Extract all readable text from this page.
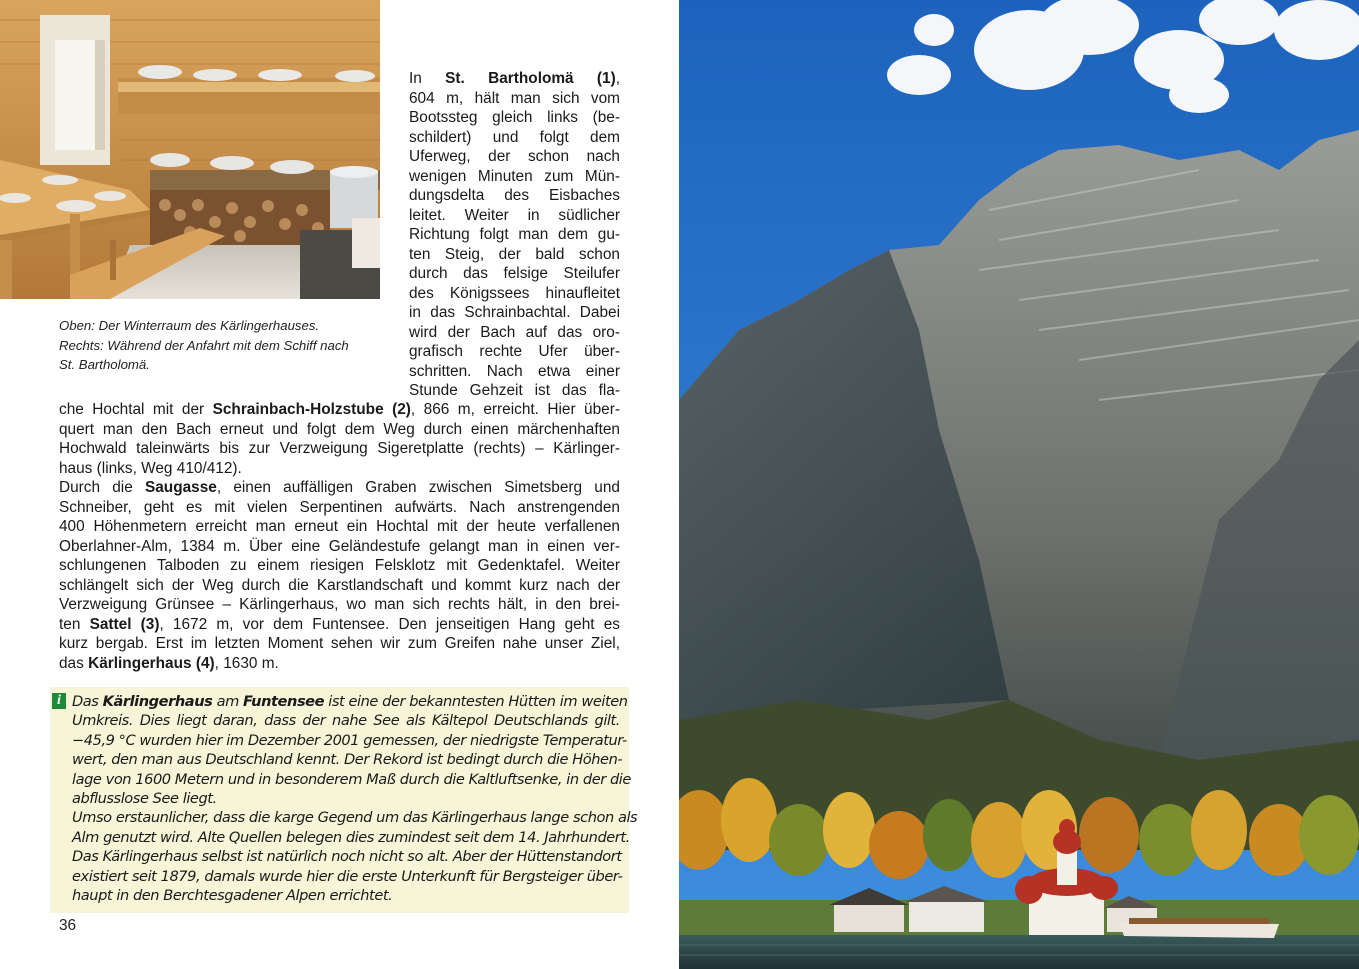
Oben: Der Winterraum des Kärlingerhauses.
Rechts: Während der Anfahrt mit dem Schiff nach
St. Bartholomä.
In St. Bartholomä (1),
604 m, hält man sich vom
Bootssteg gleich links (be-
schildert) und folgt dem
Uferweg, der schon nach
wenigen Minuten zum Mün-
dungsdelta des Eisbaches
leitet. Weiter in südlicher
Richtung folgt man dem gu-
ten Steig, der bald schon
durch das felsige Steilufer
des Königssees hinaufleitet
in das Schrainbachtal. Dabei
wird der Bach auf das oro-
grafisch rechte Ufer über-
schritten. Nach etwa einer
Stunde Gehzeit ist das fla-
che Hochtal mit der Schrainbach-Holzstube (2), 866 m, erreicht. Hier über-
quert man den Bach erneut und folgt dem Weg durch einen märchenhaften
Hochwald taleinwärts bis zur Verzweigung Sigeretplatte (rechts) – Kärlinger-
haus (links, Weg 410/412).
Durch die Saugasse, einen auffälligen Graben zwischen Simetsberg und
Schneiber, geht es mit vielen Serpentinen aufwärts. Nach anstrengenden
400 Höhenmetern erreicht man erneut ein Hochtal mit der heute verfallenen
Oberlahner-Alm, 1384 m. Über eine Geländestufe gelangt man in einen ver-
schlungenen Talboden zu einem riesigen Felsklotz mit Gedenktafel. Weiter
schlängelt sich der Weg durch die Karstlandschaft und kommt kurz nach der
Verzweigung Grünsee – Kärlingerhaus, wo man sich rechts hält, in den brei-
ten Sattel (3), 1672 m, vor dem Funtensee. Den jenseitigen Hang geht es
kurz bergab. Erst im letzten Moment sehen wir zum Greifen nahe unser Ziel,
das Kärlingerhaus (4), 1630 m.
i Das Kärlingerhaus am Funtensee ist eine der bekanntesten Hütten im weiten
Umkreis. Dies liegt daran, dass der nahe See als Kältepol Deutschlands gilt.
−45,9 °C wurden hier im Dezember 2001 gemessen, der niedrigste Temperatur-
wert, den man aus Deutschland kennt. Der Rekord ist bedingt durch die Höhen-
lage von 1600 Metern und in besonderem Maß durch die Kaltluftsenke, in der die
abflusslose See liegt.
Umso erstaunlicher, dass die karge Gegend um das Kärlingerhaus lange schon als
Alm genutzt wird. Alte Quellen belegen dies zumindest seit dem 14. Jahrhundert.
Das Kärlingerhaus selbst ist natürlich noch nicht so alt. Aber der Hüttenstandort
existiert seit 1879, damals wurde hier die erste Unterkunft für Bergsteiger über-
haupt in den Berchtesgadener Alpen errichtet.
36
